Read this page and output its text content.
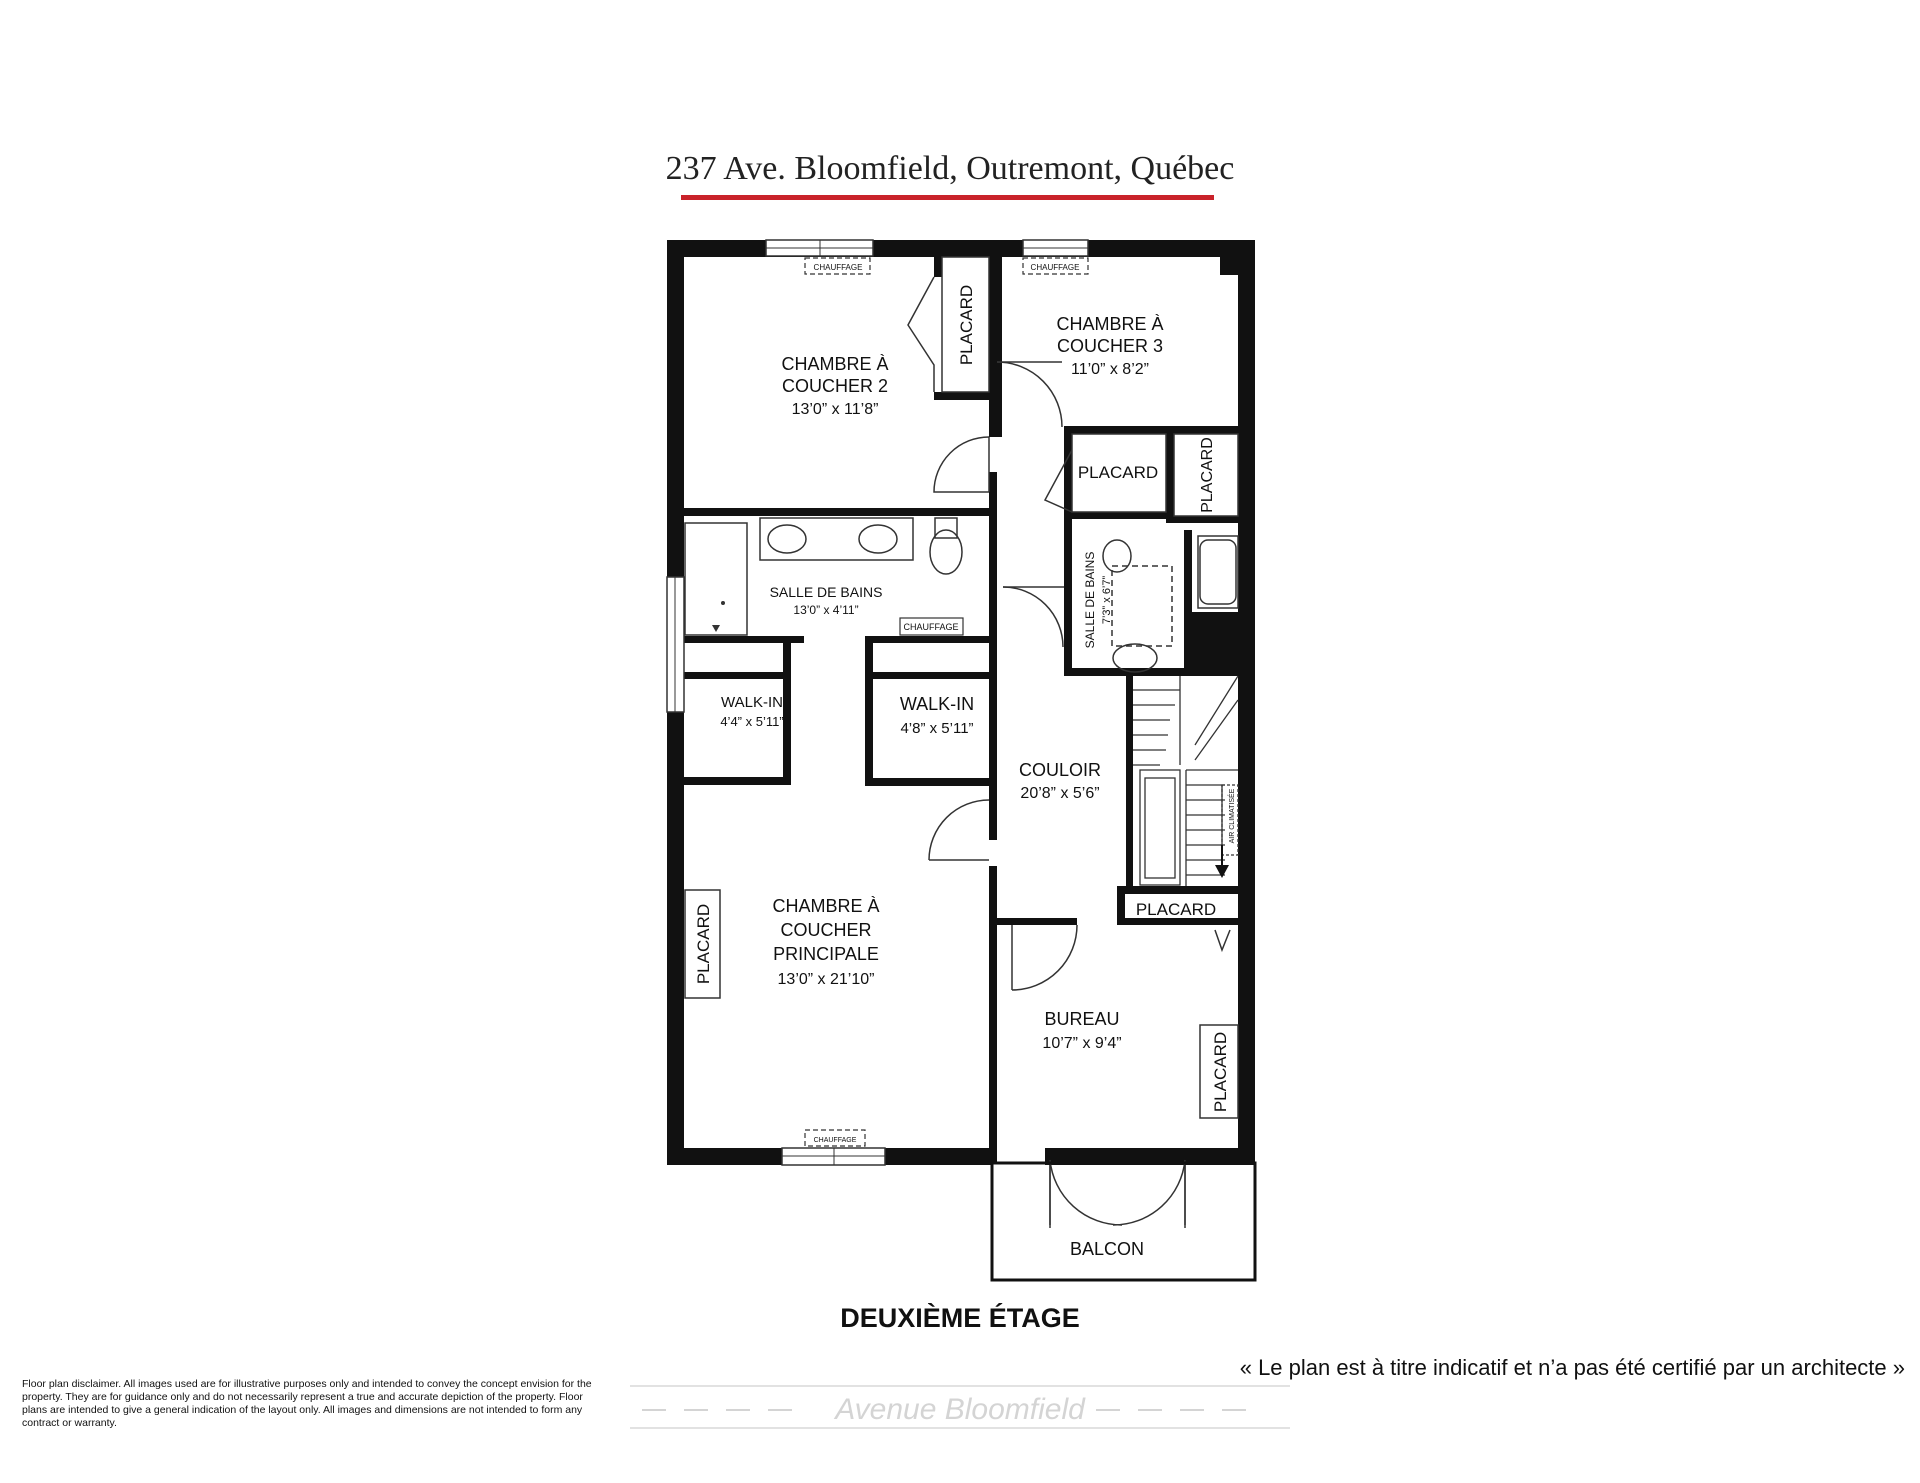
237 Ave. Bloomfield, Outremont, Québec
CHAMBRE À
COUCHER 2
13’0” x 11’8”
CHAMBRE À
COUCHER 3
11’0” x 8’2”
SALLE DE BAINS
13’0” x 4’11”
WALK-IN
4’4” x 5’11”
WALK-IN
4’8” x 5’11”
COULOIR
20’8” x 5’6”
CHAMBRE À
COUCHER
PRINCIPALE
13’0” x 21’10”
BUREAU
10’7” x 9’4”
BALCON
PLACARD
PLACARD
CHAUFFAGE	CHAUFFAGE
CHAUFFAGE
CHAUFFAGE
PLACARD
PLACARD
PLACARD
PLACARD
SALLE DE BAINS 7’3” x 6’7”
AIR CLIMATISÉE
DEUXIÈME ÉTAGE
« Le plan est à titre indicatif et n’a pas été certifié par un architecte »
Avenue Bloomfield
Floor plan disclaimer. All images used are for illustrative purposes only and intended to convey the concept envision for the property. They are for guidance only and do not necessarily represent a true and accurate depiction of the property. Floor plans are intended to give a general indication of the layout only. All images and dimensions are not intended to form any contract or warranty.
